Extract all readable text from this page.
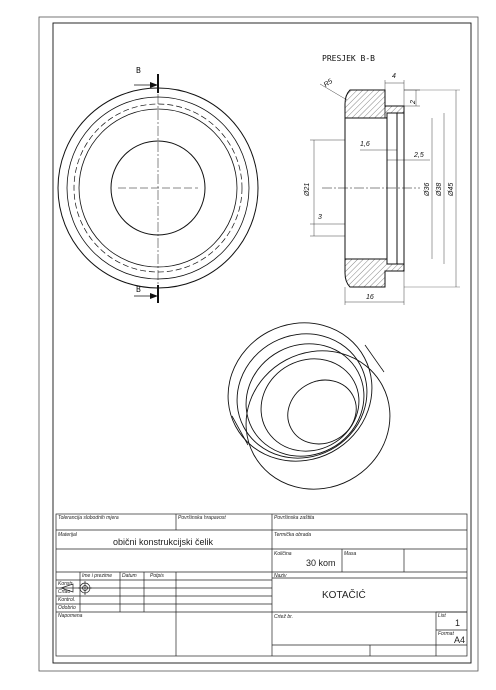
PRESJEK B-B
B
B
R5
4
2
1,6
2,5
Ø21	Ø36 Ø38 Ø45
3
16
Tolerancija slobodnih mjera	Površinska hrapavost	Površinska zaštita
Materijal
obični konstrukcijski čelik
Termička obrada
Količina
30 kom
Masa
Naziv
KOTAČIĆ
Ime i prezime Datum	Potpis
Konstr.
Crtao
Kontrol.
Odobrio
Napomena	Crtež br.	List
1
Format
A4
